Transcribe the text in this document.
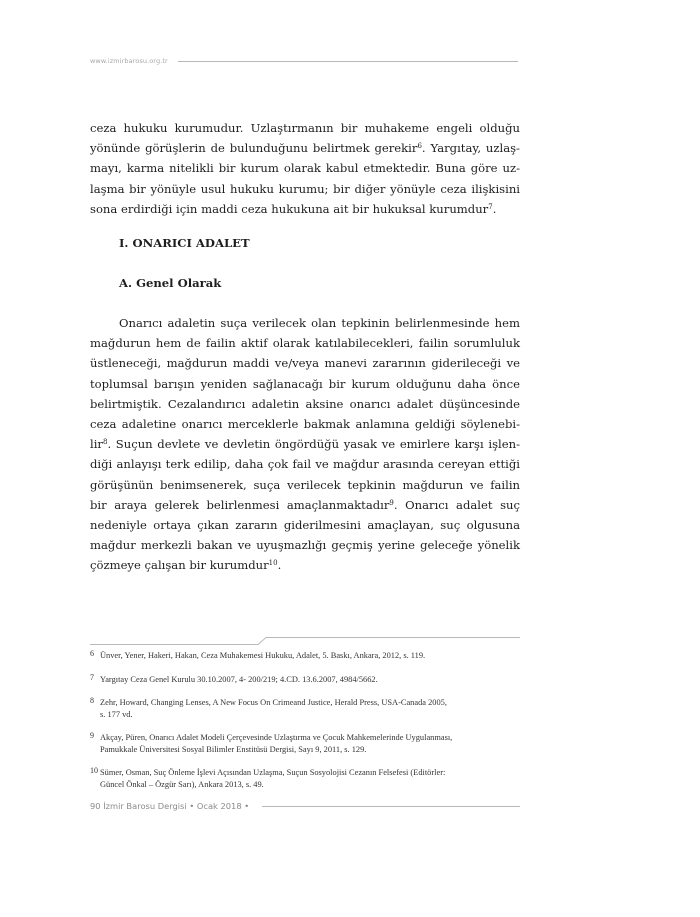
www.izmirbarosu.org.tr
ceza hukuku kurumudur. Uzlaştırmanın bir muhakeme engeli olduğu
yönünde görüşlerin de bulunduğunu belirtmek gerekir$^6$. Yargıtay, uzlaş-
mayı, karma nitelikli bir kurum olarak kabul etmektedir. Buna göre uz-
laşma bir yönüyle usul hukuku kurumu; bir diğer yönüyle ceza ilişkisini
sona erdirdiği için maddi ceza hukukuna ait bir hukuksal kurumdur$^7$.
I. ONARICI ADALET
A. Genel Olarak
Onarıcı adaletin suça verilecek olan tepkinin belirlenmesinde hem
mağdurun hem de failin aktif olarak katılabilecekleri, failin sorumluluk
üstleneceği, mağdurun maddi ve/veya manevi zararının giderileceği ve
toplumsal barışın yeniden sağlanacağı bir kurum olduğunu daha önce
belirtmiştik. Cezalandırıcı adaletin aksine onarıcı adalet düşüncesinde
ceza adaletine onarıcı merceklerle bakmak anlamına geldiği söylenebi-
lir$^8$. Suçun devlete ve devletin öngördüğü yasak ve emirlere karşı işlen-
diği anlayışı terk edilip, daha çok fail ve mağdur arasında cereyan ettiği
görüşünün benimsenerek, suça verilecek tepkinin mağdurun ve failin
bir araya gelerek belirlenmesi amaçlanmaktadır$^9$. Onarıcı adalet suç
nedeniyle ortaya çıkan zararın giderilmesini amaçlayan, suç olgusuna
mağdur merkezli bakan ve uyuşmazlığı geçmiş yerine geleceğe yönelik
çözmeye çalışan bir kurumdur$^{10}$.
6 Ünver, Yener, Hakeri, Hakan, Ceza Muhakemesi Hukuku, Adalet, 5. Baskı, Ankara, 2012, s. 119.
7 Yargıtay Ceza Genel Kurulu 30.10.2007, 4- 200/219; 4.CD. 13.6.2007, 4984/5662.
8 Zehr, Howard, Changing Lenses, A New Focus On Crimeand Justice, Herald Press, USA-Canada 2005,
s. 177 vd.
9 Akçay, Püren, Onarıcı Adalet Modeli Çerçevesinde Uzlaştırma ve Çocuk Mahkemelerinde Uygulanması,
Pamukkale Üniversitesi Sosyal Bilimler Enstitüsü Dergisi, Sayı 9, 2011, s. 129.
10 Sümer, Osman, Suç Önleme İşlevi Açısından Uzlaşma, Suçun Sosyolojisi Cezanın Felsefesi (Editörler:
Güncel Önkal – Özgür Sarı), Ankara 2013, s. 49.
90 İzmir Barosu Dergisi • Ocak 2018 •
